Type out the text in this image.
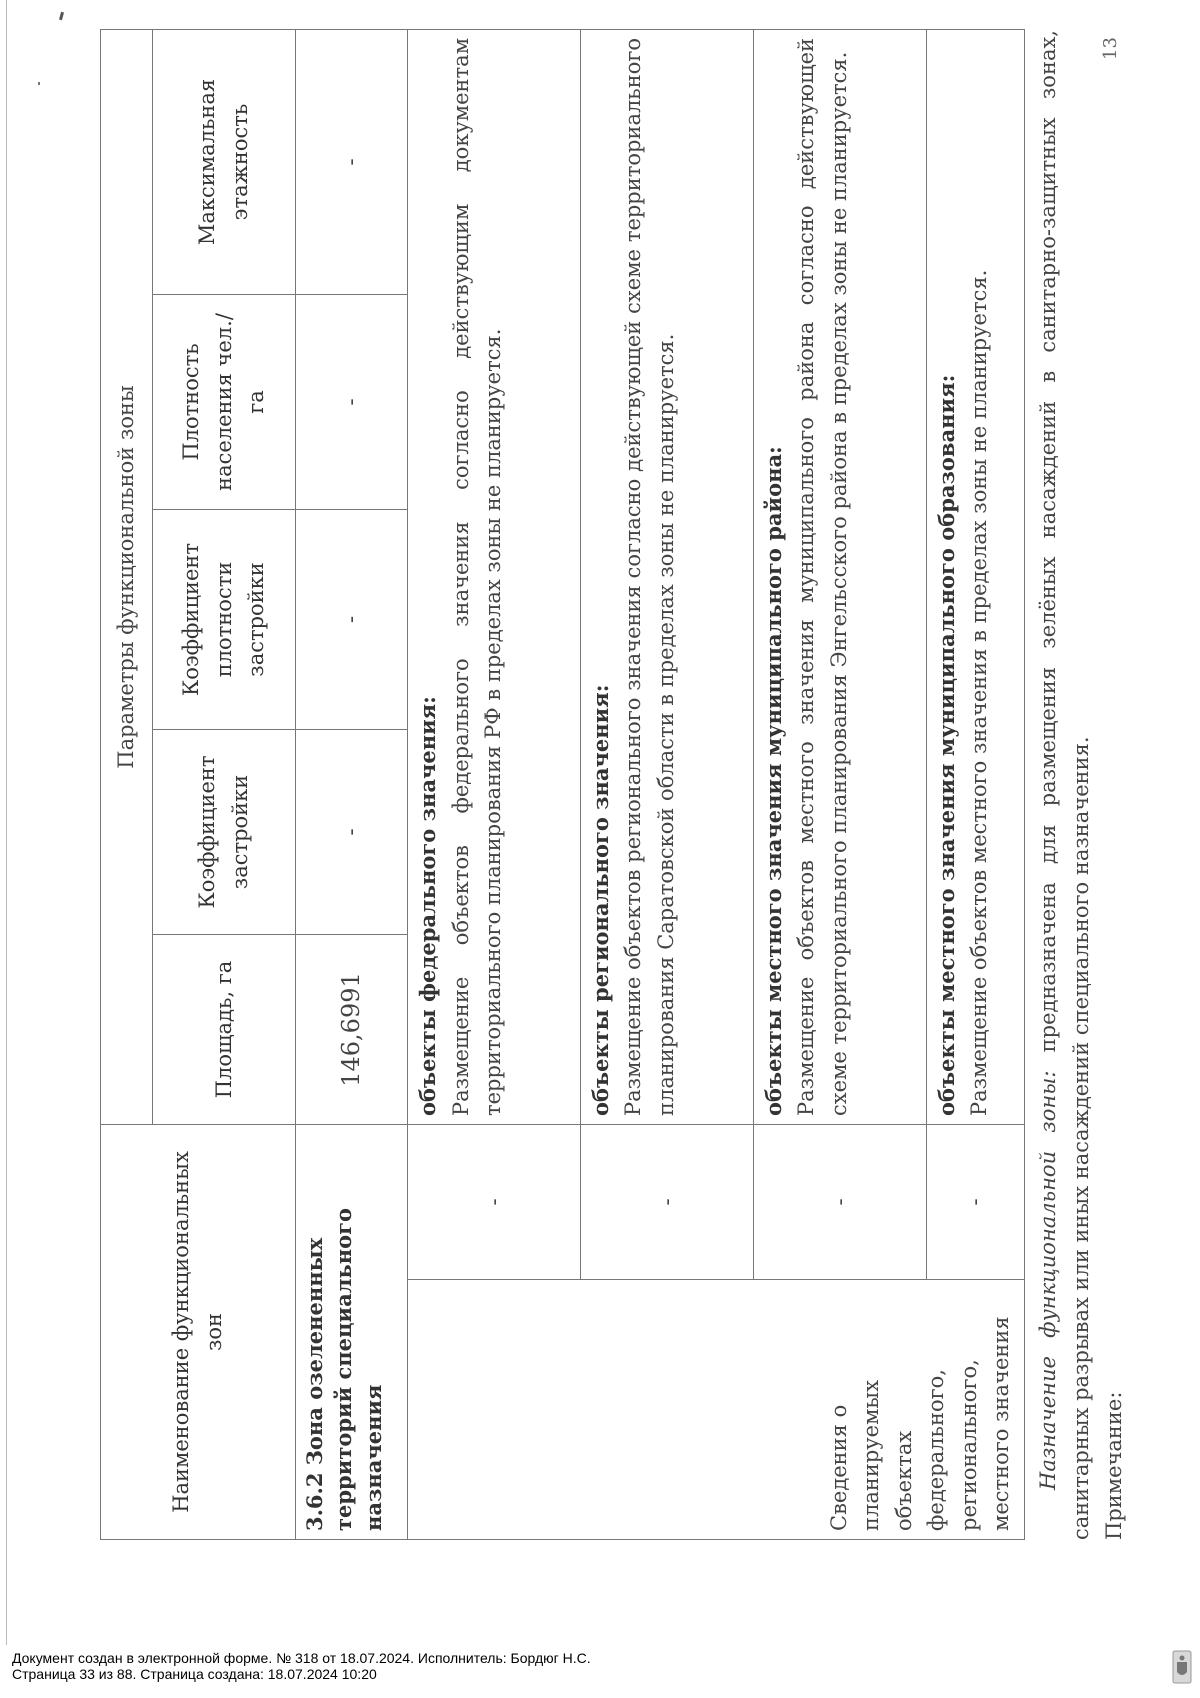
Наименование функциональных зон		Параметры функциональной зоны				
		Площадь, га	Коэффициент застройки	Коэффициент плотности застройки	Плотность населения чел./га	Максимальная этажность
3.6.2 Зона озелененных территорий специального назначения		146,6991	-	-	-	-
Сведения о планируемых объектах федерального, регионального, местного значения	-	объекты федерального значения: Размещение объектов федерального значения согласно действующим документам территориального планирования РФ в пределах зоны не планируется.				

	-	объекты регионального значения: Размещение объектов регионального значения согласно действующей схеме территориального планирования Саратовской области в пределах зоны не планируется.				

	-	объекты местного значения муниципального района: Размещение объектов местного значения муниципального района согласно действующей схеме территориального планирования Энгельсского района в пределах зоны не планируется.				

	-	объекты местного значения муниципального образования: Размещение объектов местного значения в пределах зоны не планируется.				
Назначение функциональной зоны: предназначена для размещения зелёных насаждений в санитарно-защитных зонах, санитарных разрывах или иных насаждений специального назначения. Примечание:
13
Документ создан в электронной форме. № 318 от 18.07.2024. Исполнитель: Бордюг Н.С.
Страница 33 из 88. Страница создана: 18.07.2024 10:20
